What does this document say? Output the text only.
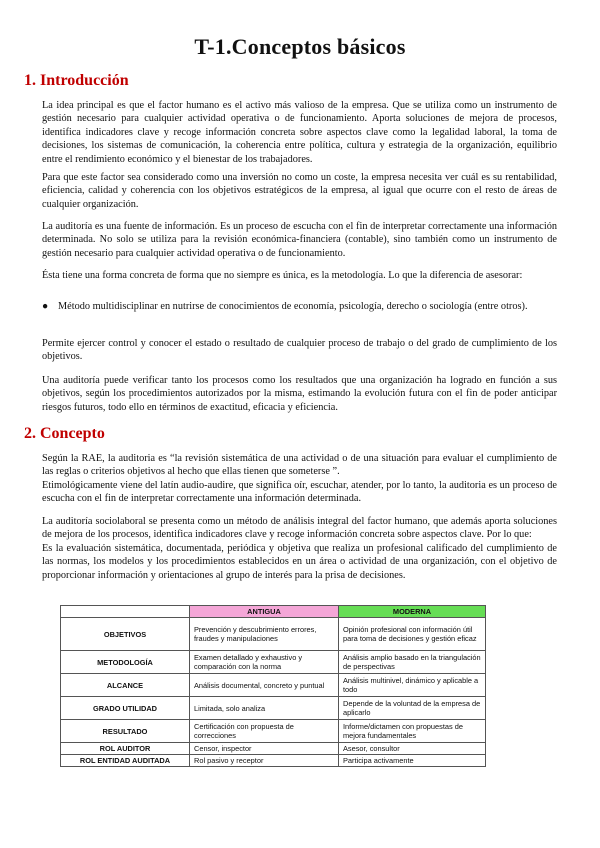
T-1.Conceptos básicos
1. Introducción
La idea principal es que el factor humano es el activo más valioso de la empresa. Que se utiliza como un instrumento de gestión necesario para cualquier actividad operativa o de funcionamiento. Aporta soluciones de mejora de procesos, identifica indicadores clave y recoge información concreta sobre aspectos clave como la legalidad laboral, la toma de decisiones, los sistemas de comunicación, la coherencia entre política, cultura y estrategia de la organización, equilibrio entre el rendimiento económico y el bienestar de los trabajadores.
Para que este factor sea considerado como una inversión no como un coste, la empresa necesita ver cuál es su rentabilidad, eficiencia, calidad y coherencia con los objetivos estratégicos de la empresa, al igual que ocurre con el resto de áreas de cualquier organización.
La auditoría es una fuente de información. Es un proceso de escucha con el fin de interpretar correctamente una información determinada. No solo se utiliza para la revisión económica-financiera (contable), sino también como un instrumento de gestión necesario para cualquier actividad operativa o de funcionamiento.
Ésta tiene una forma concreta de forma que no siempre es única, es la metodología. Lo que la diferencia de asesorar:
● Método multidisciplinar en nutrirse de conocimientos de economía, psicología, derecho o sociología (entre otros).
Permite ejercer control y conocer el estado o resultado de cualquier proceso de trabajo o del grado de cumplimiento de los objetivos.
Una auditoría puede verificar tanto los procesos como los resultados que una organización ha logrado en función a sus objetivos, según los procedimientos autorizados por la misma, estimando la evolución futura con el fin de poder anticipar riesgos futuros, todo ello en términos de exactitud, eficacia y eficiencia.
2. Concepto
Según la RAE, la auditoria es “la revisión sistemática de una actividad o de una situación para evaluar el cumplimiento de las reglas o criterios objetivos al hecho que ellas tienen que someterse ”.
Etimológicamente viene del latín audio-audire, que significa oír, escuchar, atender, por lo tanto, la auditoria es un proceso de escucha con el fin de interpretar correctamente una información determinada.
La auditoría sociolaboral se presenta como un método de análisis integral del factor humano, que además aporta soluciones de mejora de los procesos, identifica indicadores clave y recoge información concreta sobre aspectos clave. Por lo que:
Es la evaluación sistemática, documentada, periódica y objetiva que realiza un profesional calificado del cumplimiento de las normas, los modelos y los procedimientos establecidos en un área o actividad de una organización, con el objetivo de proporcionar información y orientaciones al grupo de interés para la prisa de decisiones.
	ANTIGUA	MODERNA
OBJETIVOS	Prevención y descubrimiento errores, fraudes y manipulaciones	Opinión profesional con información útil para toma de decisiones y gestión eficaz
METODOLOGÍA	Examen detallado y exhaustivo y comparación con la norma	Análisis amplio basado en la triangulación de perspectivas
ALCANCE	Análisis documental, concreto y puntual	Análisis multinivel, dinámico y aplicable a todo
GRADO UTILIDAD	Limitada, solo analiza	Depende de la voluntad de la empresa de aplicarlo
RESULTADO	Certificación con propuesta de correcciones	Informe/dictamen con propuestas de mejora fundamentales
ROL AUDITOR	Censor, inspector	Asesor, consultor
ROL ENTIDAD AUDITADA	Rol pasivo y receptor	Participa activamente
